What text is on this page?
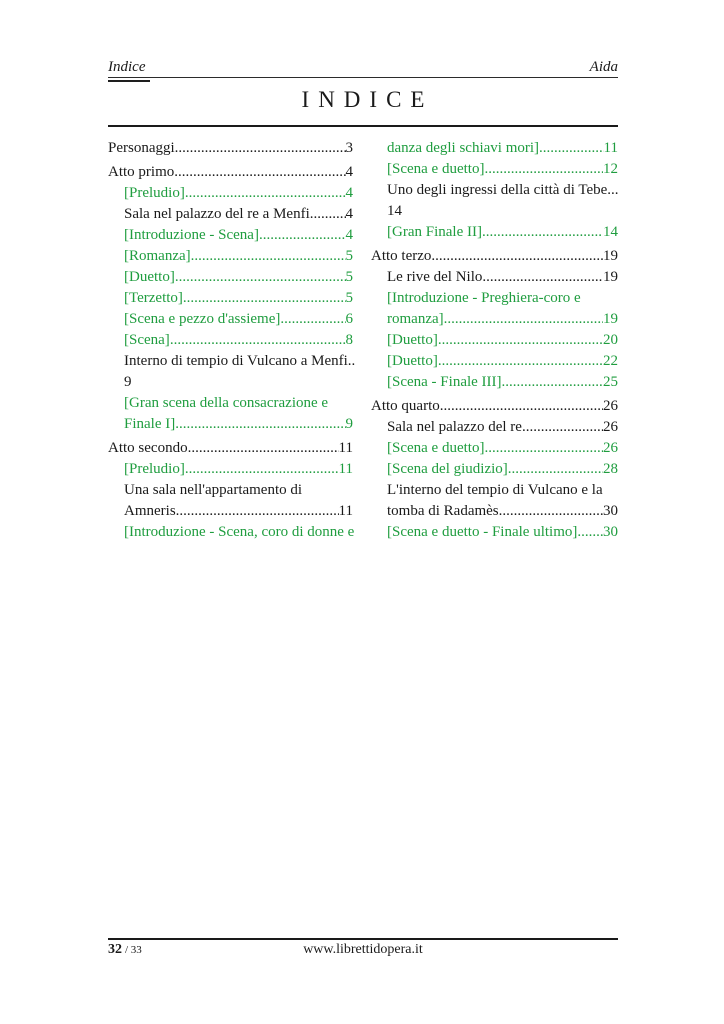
Indice	Aida
INDICE
Personaggi .....	3
Atto primo .....	4
[Preludio] .....	4
Sala nel palazzo del re a Menfi ..... 4
[Introduzione - Scena] .....	4
[Romanza] .....	5
[Duetto] .....	5
[Terzetto] .....	5
[Scena e pezzo d'assieme] .....	6
[Scena] .....	8
Interno di tempio di Vulcano a Menfi..
9
[Gran scena della consacrazione e
Finale I] .....	9
Atto secondo .....	11
[Preludio] .....	11
Una sala nell'appartamento di
Amneris .....	11
[Introduzione - Scena, coro di donne e
danza degli schiavi mori] .....	11
[Scena e duetto] .....	12
Uno degli ingressi della città di Tebe...
14
[Gran Finale II] .....	14
Atto terzo .....	19
Le rive del Nilo .....	19
[Introduzione - Preghiera-coro e
romanza] .....	19
[Duetto] .....	20
[Duetto] .....	22
[Scena - Finale III] .....	25
Atto quarto .....	26
Sala nel palazzo del re .....	26
[Scena e duetto] .....	26
[Scena del giudizio] .....	28
L'interno del tempio di Vulcano e la
tomba di Radamès .....	30
[Scena e duetto - Finale ultimo] ..... 30
32 / 33	www.librettidopera.it
